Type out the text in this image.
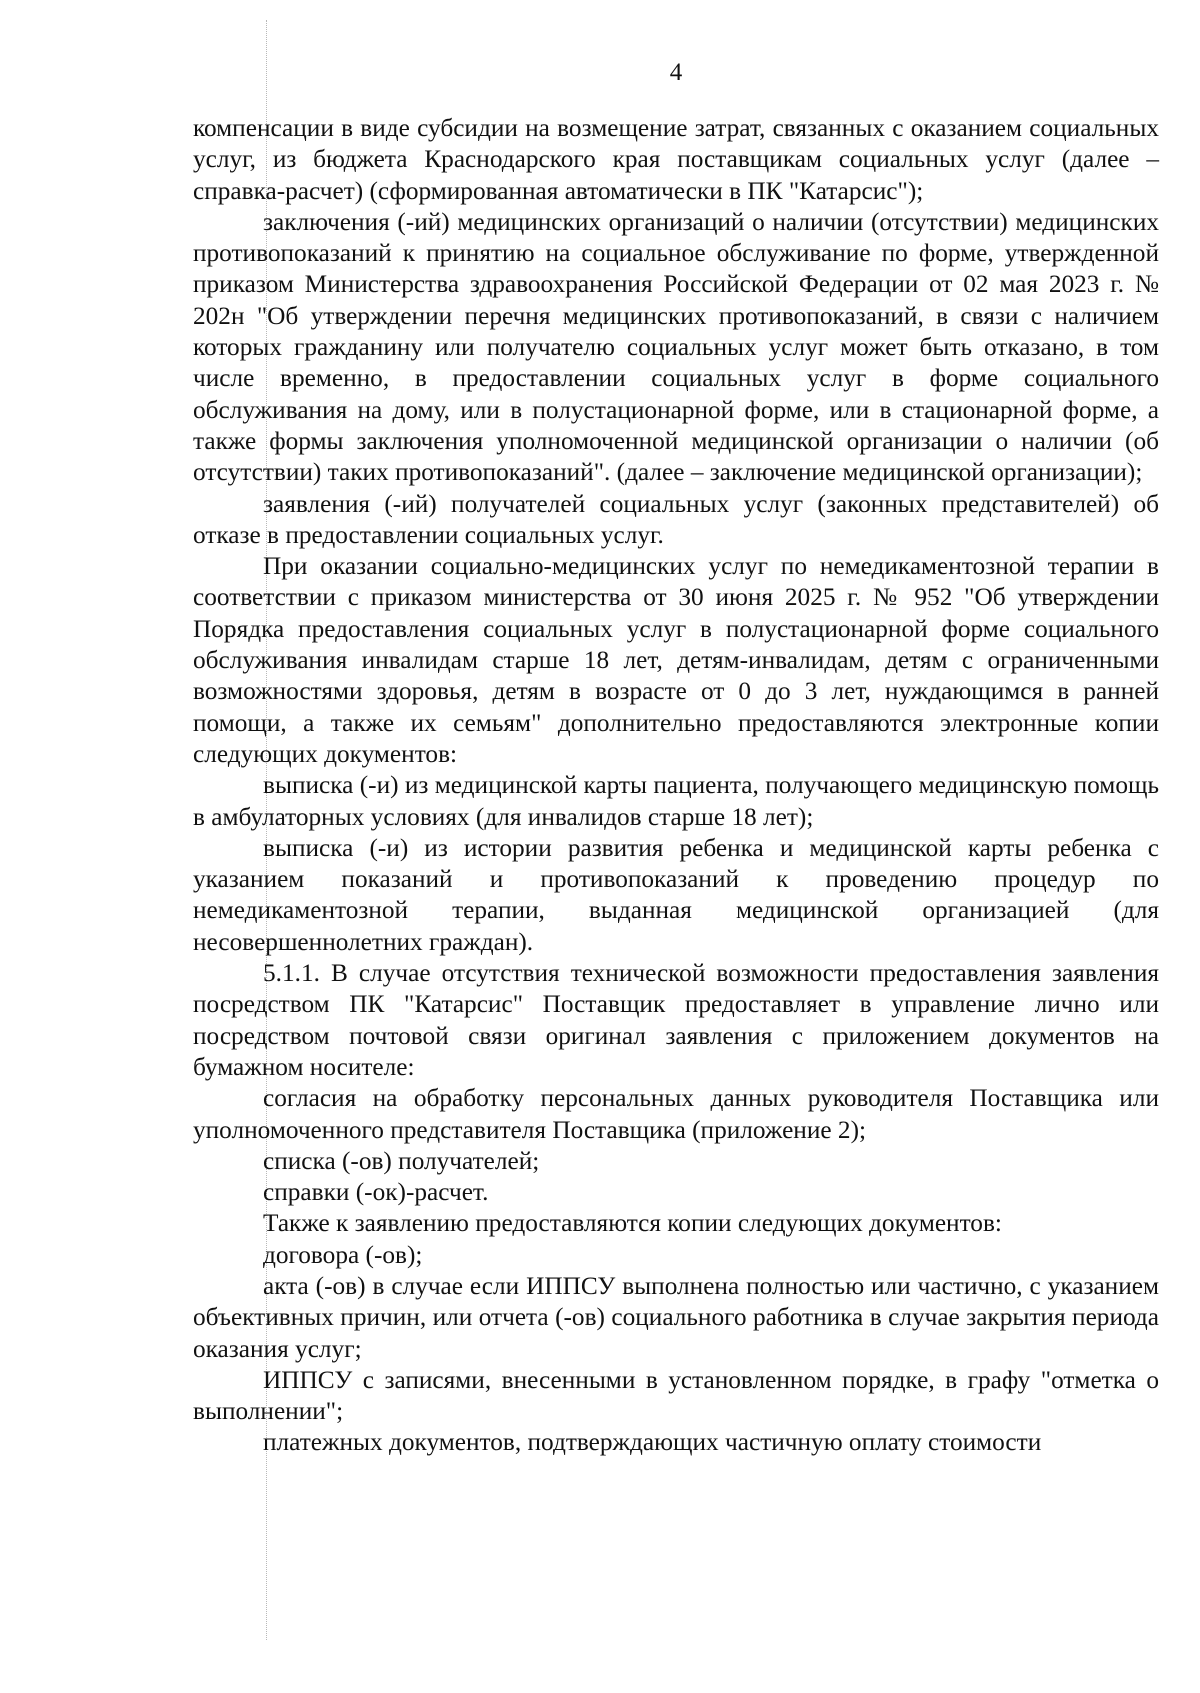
4

компенсации в виде субсидии на возмещение затрат, связанных с оказанием социальных услуг, из бюджета Краснодарского края поставщикам социальных услуг (далее – справка-расчет) (сформированная автоматически в ПК "Катарсис");

заключения (-ий) медицинских организаций о наличии (отсутствии) медицинских противопоказаний к принятию на социальное обслуживание по форме, утвержденной приказом Министерства здравоохранения Российской Федерации от 02 мая 2023 г. № 202н "Об утверждении перечня медицинских противопоказаний, в связи с наличием которых гражданину или получателю социальных услуг может быть отказано, в том числе временно, в предоставлении социальных услуг в форме социального обслуживания на дому, или в полустационарной форме, или в стационарной форме, а также формы заключения уполномоченной медицинской организации о наличии (об отсутствии) таких противопоказаний". (далее – заключение медицинской организации);

заявления (-ий) получателей социальных услуг (законных представителей) об отказе в предоставлении социальных услуг.

При оказании социально-медицинских услуг по немедикаментозной терапии в соответствии с приказом министерства от 30 июня 2025 г. № 952 "Об утверждении Порядка предоставления социальных услуг в полустационарной форме социального обслуживания инвалидам старше 18 лет, детям-инвалидам, детям с ограниченными возможностями здоровья, детям в возрасте от 0 до 3 лет, нуждающимся в ранней помощи, а также их семьям" дополнительно предоставляются электронные копии следующих документов:

выписка (-и) из медицинской карты пациента, получающего медицинскую помощь в амбулаторных условиях (для инвалидов старше 18 лет);

выписка (-и) из истории развития ребенка и медицинской карты ребенка с указанием показаний и противопоказаний к проведению процедур по немедикаментозной терапии, выданная медицинской организацией (для несовершеннолетних граждан).

5.1.1. В случае отсутствия технической возможности предоставления заявления посредством ПК "Катарсис" Поставщик предоставляет в управление лично или посредством почтовой связи оригинал заявления с приложением документов на бумажном носителе:

согласия на обработку персональных данных руководителя Поставщика или уполномоченного представителя Поставщика (приложение 2);

списка (-ов) получателей;

справки (-ок)-расчет.

Также к заявлению предоставляются копии следующих документов:

договора (-ов);

акта (-ов) в случае если ИППСУ выполнена полностью или частично, с указанием объективных причин, или отчета (-ов) социального работника в случае закрытия периода оказания услуг;

ИППСУ с записями, внесенными в установленном порядке, в графу "отметка о выполнении";

платежных документов, подтверждающих частичную оплату стоимости
